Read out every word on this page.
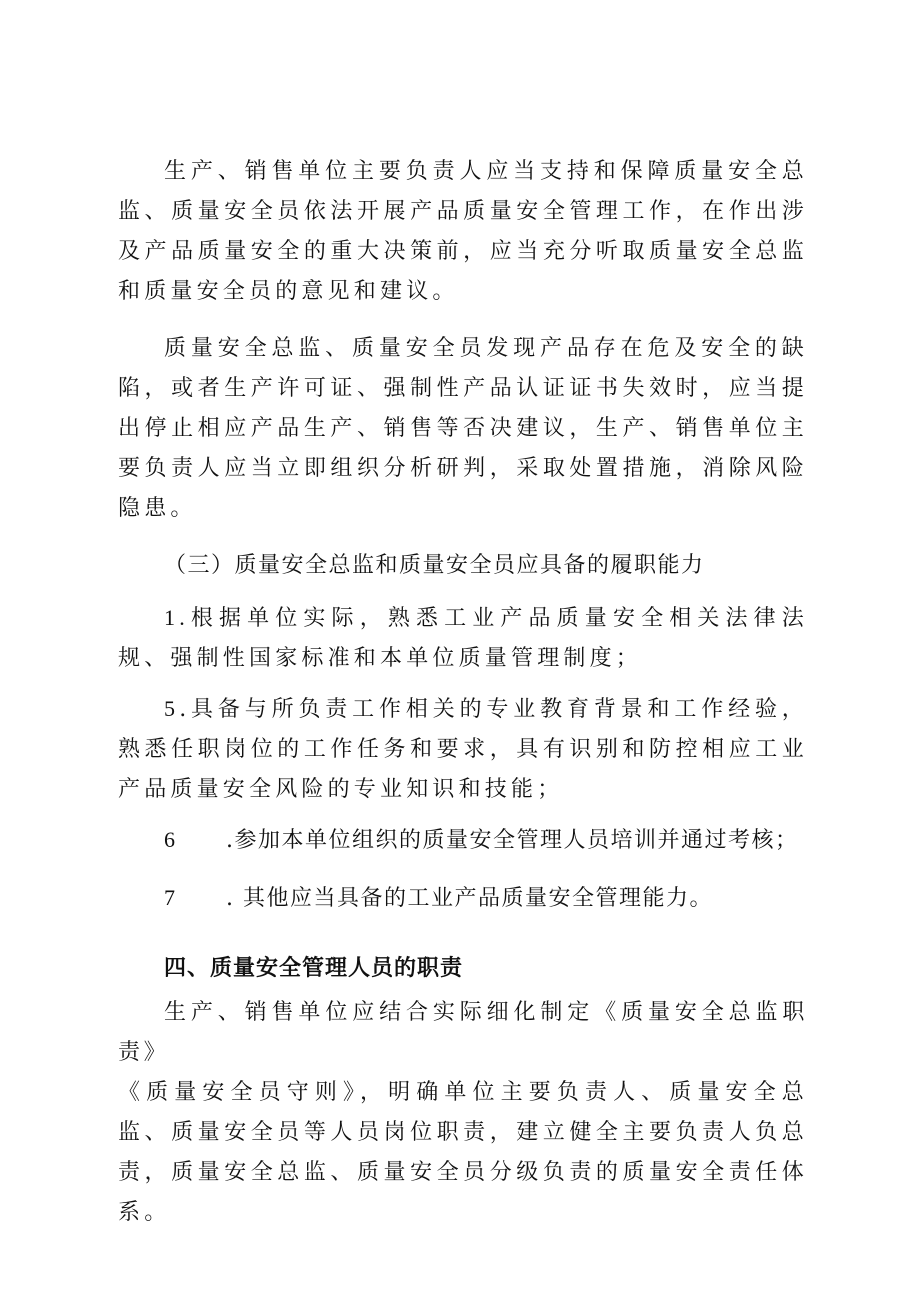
生产、销售单位主要负责人应当支持和保障质量安全总监、质量安全员依法开展产品质量安全管理工作，在作出涉及产品质量安全的重大决策前，应当充分听取质量安全总监和质量安全员的意见和建议。

质量安全总监、质量安全员发现产品存在危及安全的缺陷，或者生产许可证、强制性产品认证证书失效时，应当提出停止相应产品生产、销售等否决建议，生产、销售单位主要负责人应当立即组织分析研判，采取处置措施，消除风险隐患。

（三）质量安全总监和质量安全员应具备的履职能力

1.根据单位实际，熟悉工业产品质量安全相关法律法规、强制性国家标准和本单位质量管理制度；

5.具备与所负责工作相关的专业教育背景和工作经验，熟悉任职岗位的工作任务和要求，具有识别和防控相应工业产品质量安全风险的专业知识和技能；

6 .参加本单位组织的质量安全管理人员培训并通过考核；

7 . 其他应当具备的工业产品质量安全管理能力。

四、质量安全管理人员的职责

生产、销售单位应结合实际细化制定《质量安全总监职责》

《质量安全员守则》，明确单位主要负责人、质量安全总监、质量安全员等人员岗位职责，建立健全主要负责人负总责，质量安全总监、质量安全员分级负责的质量安全责任体系。
